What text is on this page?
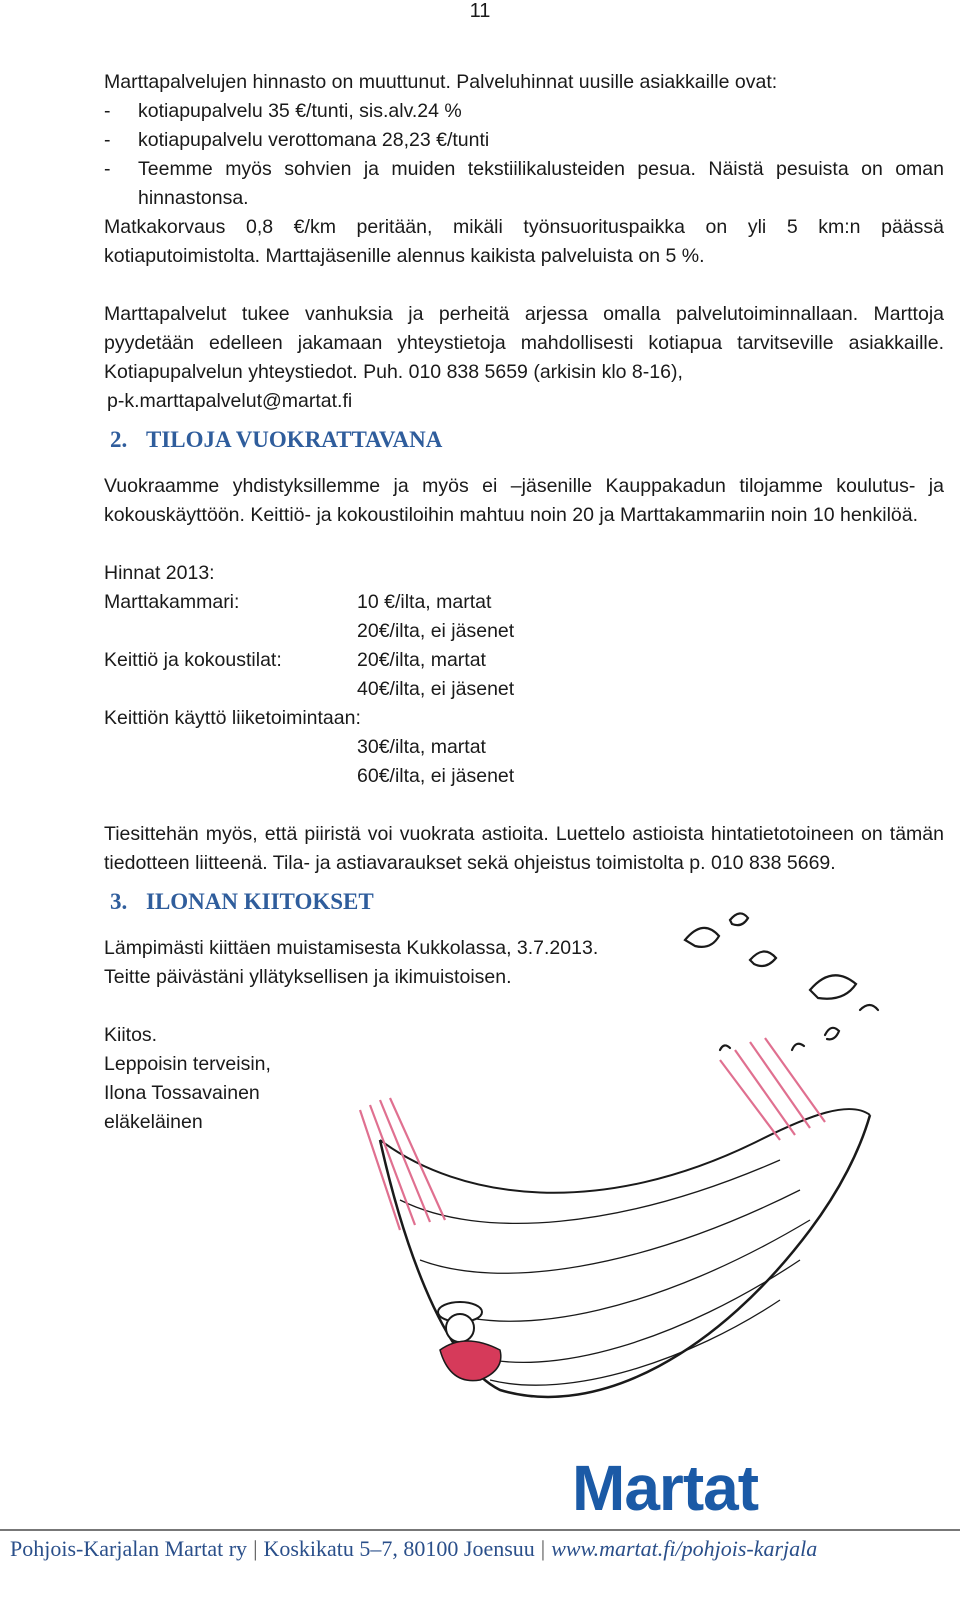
11

Marttapalvelujen hinnasto on muuttunut. Palveluhinnat uusille asiakkaille ovat:

-	kotiapupalvelu 35 €/tunti, sis.alv.24 %
-	kotiapupalvelu verottomana 28,23 €/tunti
-	Teemme myös sohvien ja muiden tekstiilikalusteiden pesua. Näistä pesuista on oman hinnastonsa.

Matkakorvaus 0,8 €/km peritään, mikäli työnsuorituspaikka on yli 5 km:n päässä kotiaputoimistolta. Marttajäsenille alennus kaikista palveluista on 5 %.

Marttapalvelut tukee vanhuksia ja perheitä arjessa omalla palvelutoiminnallaan. Marttoja pyydetään edelleen jakamaan yhteystietoja mahdollisesti kotiapua tarvitseville asiakkaille. Kotiapupalvelun yhteystiedot. Puh. 010 838 5659 (arkisin klo 8-16),

p-k.marttapalvelut@martat.fi

2. TILOJA VUOKRATTAVANA

Vuokraamme yhdistyksillemme ja myös ei –jäsenille Kauppakadun tilojamme koulutus- ja kokouskäyttöön. Keittiö- ja kokoustiloihin mahtuu noin 20 ja Marttakammariin noin 10 henkilöä.

Hinnat 2013:

Marttakammari:	10 €/ilta, martat
20€/ilta, ei jäsenet
Keittiö ja kokoustilat:	20€/ilta, martat
40€/ilta, ei jäsenet
Keittiön käyttö liiketoimintaan:
30€/ilta, martat
60€/ilta, ei jäsenet

Tiesittehän myös, että piiristä voi vuokrata astioita. Luettelo astioista hintatietotoineen on tämän tiedotteen liitteenä. Tila- ja astiavaraukset sekä ohjeistus toimistolta p. 010 838 5669.

3. ILONAN KIITOKSET

Lämpimästi kiittäen muistamisesta Kukkolassa, 3.7.2013.

Teitte päivästäni yllätyksellisen ja ikimuistoisen.

Kiitos.

Leppoisin terveisin,

Ilona Tossavainen

eläkeläinen

Martat
Pohjois-Karjalan Martat ry | Koskikatu 5–7, 80100 Joensuu | www.martat.fi/pohjois-karjala
